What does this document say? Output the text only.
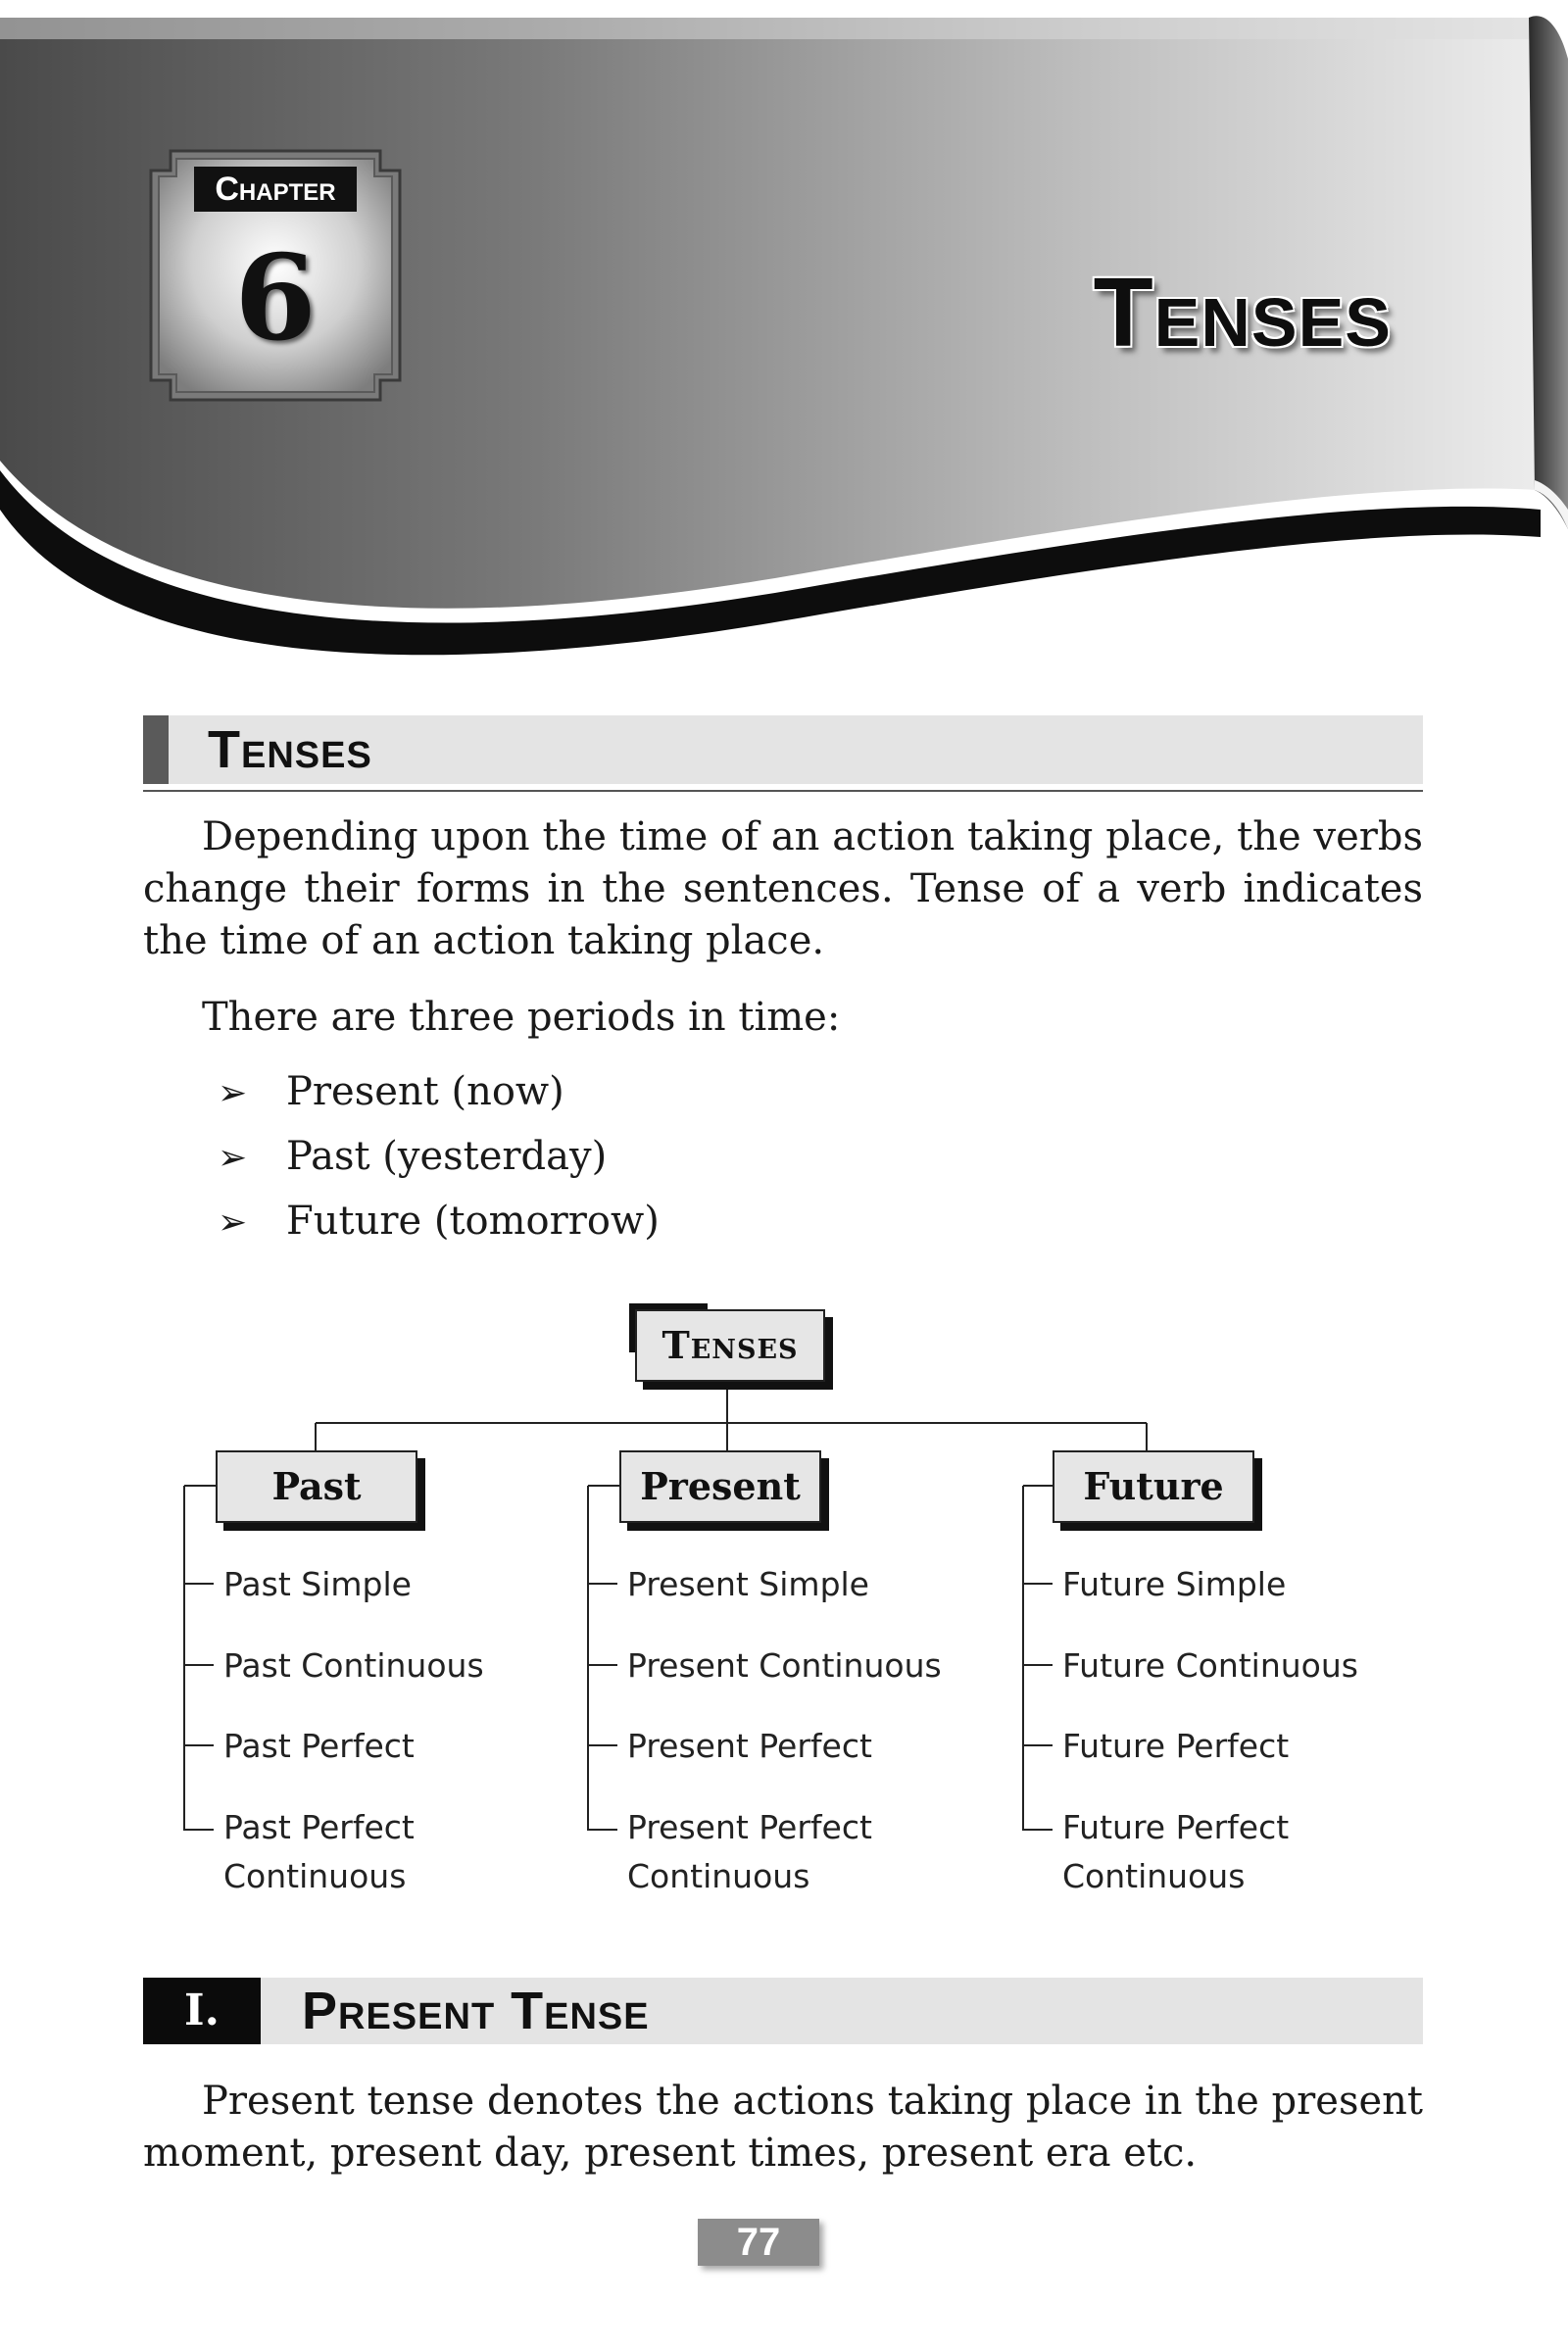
Chapter
6	Tenses
Tenses
Depending upon the time of an action taking place, the verbs change their forms in the sentences. Tense of a verb indicates the time of an action taking place.
There are three periods in time:
➢ Present (now)
➢ Past (yesterday)
➢ Future (tomorrow)
Tenses
Past	Present	Future
Past Simple
Past Continuous
Past Perfect
Past Perfect
Continuous
Present Simple
Present Continuous
Present Perfect
Present Perfect
Continuous
Future Simple
Future Continuous
Future Perfect
Future Perfect
Continuous
I.	Present Tense
Present tense denotes the actions taking place in the present moment, present day, present times, present era etc.
77
